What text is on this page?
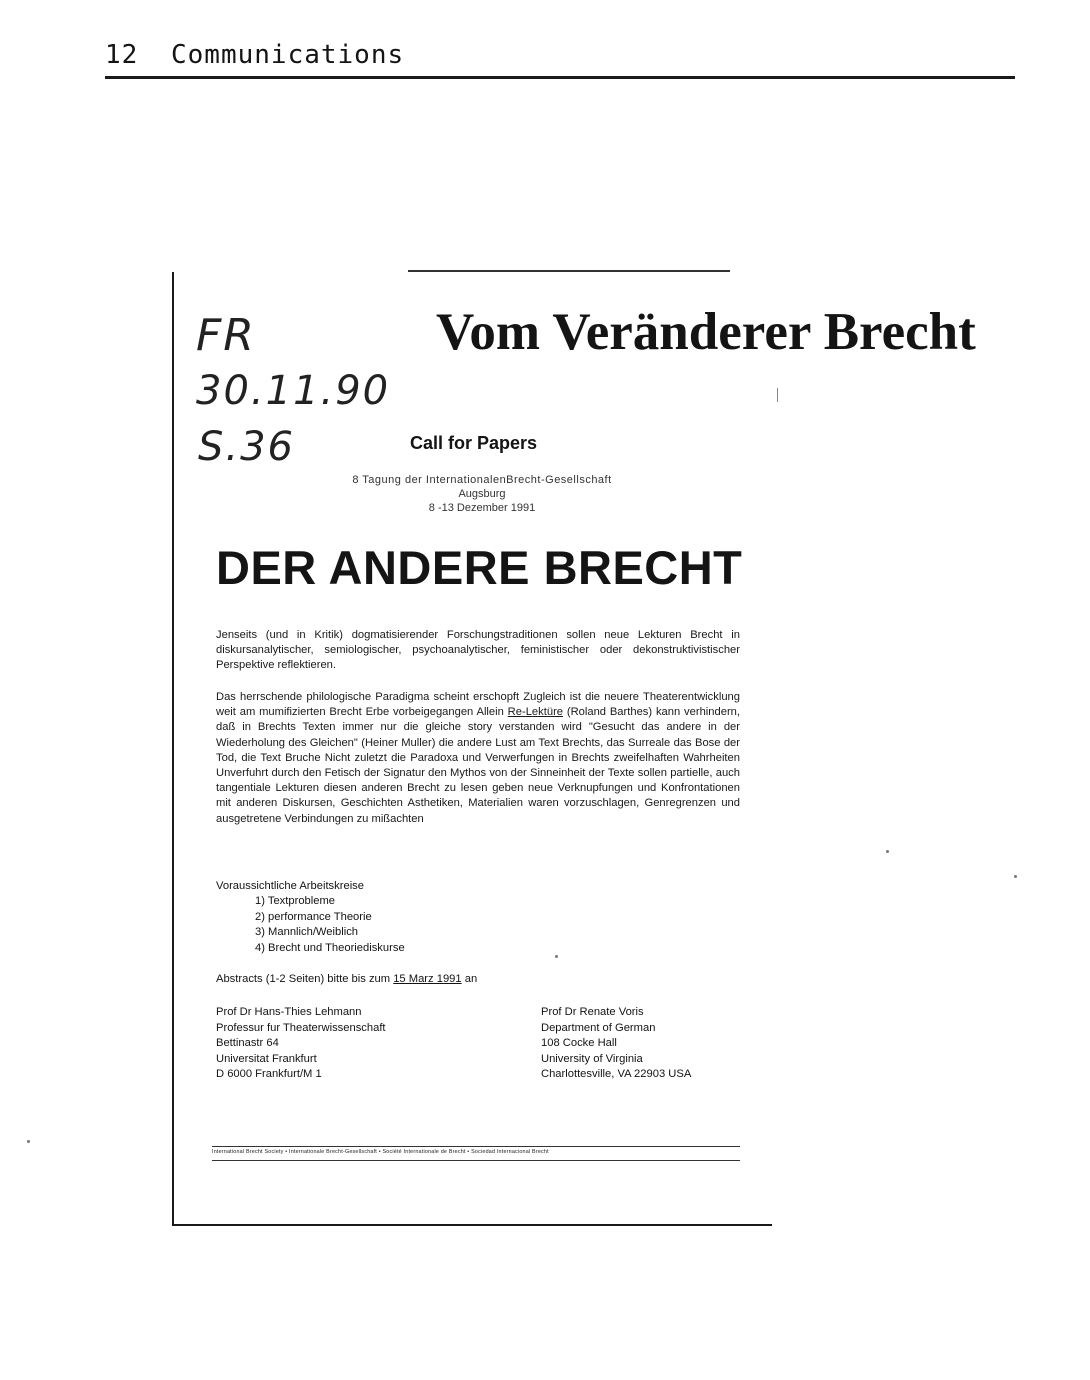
12 Communications
FR
30.11.90
S.36
Vom Veränderer Brecht
Call for Papers
8 Tagung der InternationalenBrecht-Gesellschaft
Augsburg
8 -13 Dezember 1991
DER ANDERE BRECHT
Jenseits (und in Kritik) dogmatisierender Forschungstraditionen sollen neue Lekturen Brecht in diskursanalytischer, semiologischer, psychoanalytischer, feministischer oder dekonstruktivistischer Perspektive reflektieren.
Das herrschende philologische Paradigma scheint erschopft Zugleich ist die neuere Theaterentwicklung weit am mumifizierten Brecht Erbe vorbeigegangen Allein Re-Lektüre (Roland Barthes) kann verhindern, daß in Brechts Texten immer nur die gleiche story verstanden wird "Gesucht das andere in der Wiederholung des Gleichen" (Heiner Muller) die andere Lust am Text Brechts, das Surreale das Bose der Tod, die Text Bruche Nicht zuletzt die Paradoxa und Verwerfungen in Brechts zweifelhaften Wahrheiten Unverfuhrt durch den Fetisch der Signatur den Mythos von der Sinneinheit der Texte sollen partielle, auch tangentiale Lekturen diesen anderen Brecht zu lesen geben neue Verknupfungen und Konfrontationen mit anderen Diskursen, Geschichten Asthetiken, Materialien waren vorzuschlagen, Genregrenzen und ausgetretene Verbindungen zu mißachten
Voraussichtliche Arbeitskreise
1) Textprobleme
2) performance Theorie
3) Mannlich/Weiblich
4) Brecht und Theoriediskurse
Abstracts (1-2 Seiten) bitte bis zum 15 Marz 1991 an
Prof Dr Hans-Thies Lehmann
Professur fur Theaterwissenschaft
Bettinastr 64
Universitat Frankfurt
D 6000 Frankfurt/M 1
Prof Dr Renate Voris
Department of German
108 Cocke Hall
University of Virginia
Charlottesville, VA 22903 USA
International Brecht Society • Internationale Brecht-Gesellschaft • Société Internationale de Brecht • Sociedad Internacional Brecht
